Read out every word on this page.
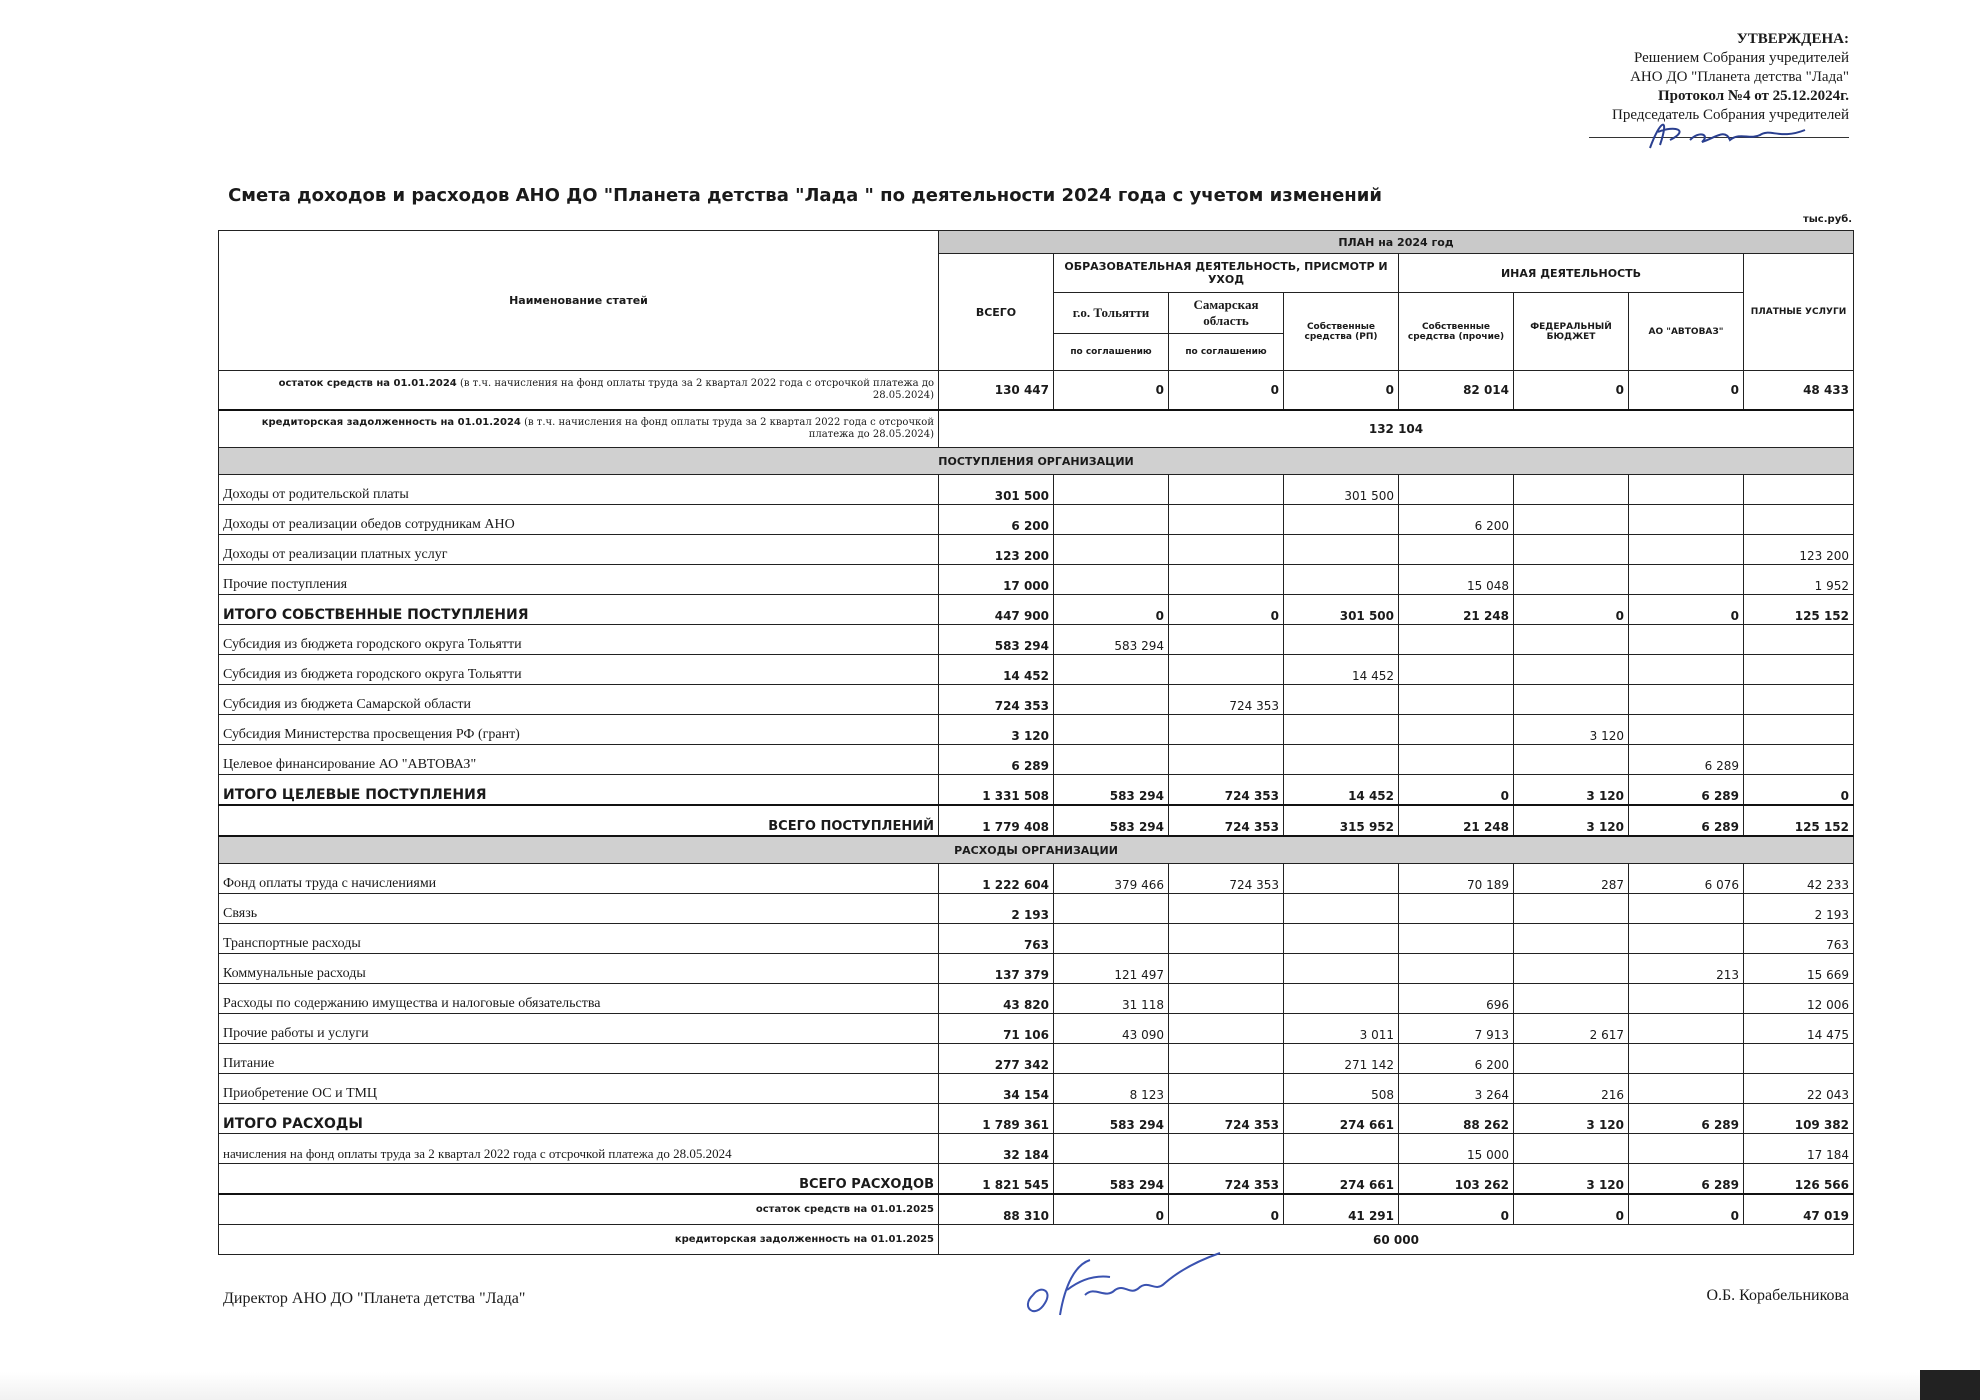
УТВЕРЖДЕНА:
Решением Собрания учредителей
АНО ДО "Планета детства "Лада"
Протокол №4 от 25.12.2024г.
Председатель Собрания учредителей
Смета доходов и расходов АНО ДО "Планета детства "Лада " по деятельности 2024 года с учетом изменений
тыс.руб.
Наименование статей	ПЛАН на 2024 год							
	ВСЕГО	ОБРАЗОВАТЕЛЬНАЯ ДЕЯТЕЛЬНОСТЬ, ПРИСМОТР И УХОД			ИНАЯ ДЕЯТЕЛЬНОСТЬ			ПЛАТНЫЕ УСЛУГИ
		г.о. Тольятти	Самарская область	Собственные средства (РП)	Собственные средства (прочие)	ФЕДЕРАЛЬНЫЙ БЮДЖЕТ	АО "АВТОВАЗ"	
		по соглашению	по соглашению					
остаток средств на 01.01.2024 (в т.ч. начисления на фонд оплаты труда за 2 квартал 2022 года с отсрочкой платежа до 28.05.2024)	130 447	0	0	0	82 014	0	0	48 433
кредиторская задолженность на 01.01.2024 (в т.ч. начисления на фонд оплаты труда за 2 квартал 2022 года с отсрочкой платежа до 28.05.2024)	132 104							
ПОСТУПЛЕНИЯ ОРГАНИЗАЦИИ								
Доходы от родительской платы	301 500			301 500				
Доходы от реализации обедов сотрудникам АНО	6 200				6 200			
Доходы от реализации платных услуг	123 200							123 200
Прочие поступления	17 000				15 048			1 952
ИТОГО СОБСТВЕННЫЕ ПОСТУПЛЕНИЯ	447 900	0	0	301 500	21 248	0	0	125 152
Субсидия из бюджета городского округа Тольятти	583 294	583 294						
Субсидия из бюджета городского округа Тольятти	14 452			14 452				
Субсидия из бюджета Самарской области	724 353		724 353					
Субсидия Министерства просвещения РФ (грант)	3 120					3 120		
Целевое финансирование АО "АВТОВАЗ"	6 289						6 289	
ИТОГО ЦЕЛЕВЫЕ ПОСТУПЛЕНИЯ	1 331 508	583 294	724 353	14 452	0	3 120	6 289	0
ВСЕГО ПОСТУПЛЕНИЙ	1 779 408	583 294	724 353	315 952	21 248	3 120	6 289	125 152
РАСХОДЫ ОРГАНИЗАЦИИ								
Фонд оплаты труда с начислениями	1 222 604	379 466	724 353		70 189	287	6 076	42 233
Связь	2 193							2 193
Транспортные расходы	763							763
Коммунальные расходы	137 379	121 497					213	15 669
Расходы по содержанию имущества и налоговые обязательства	43 820	31 118			696			12 006
Прочие работы и услуги	71 106	43 090		3 011	7 913	2 617		14 475
Питание	277 342			271 142	6 200			
Приобретение ОС и ТМЦ	34 154	8 123		508	3 264	216		22 043
ИТОГО РАСХОДЫ	1 789 361	583 294	724 353	274 661	88 262	3 120	6 289	109 382
начисления на фонд оплаты труда за 2 квартал 2022 года с отсрочкой платежа до 28.05.2024	32 184				15 000			17 184
ВСЕГО РАСХОДОВ	1 821 545	583 294	724 353	274 661	103 262	3 120	6 289	126 566
остаток средств на 01.01.2025	88 310	0	0	41 291	0	0	0	47 019
кредиторская задолженность на 01.01.2025	60 000							
Директор АНО ДО "Планета детства "Лада"	О.Б. Корабельникова
